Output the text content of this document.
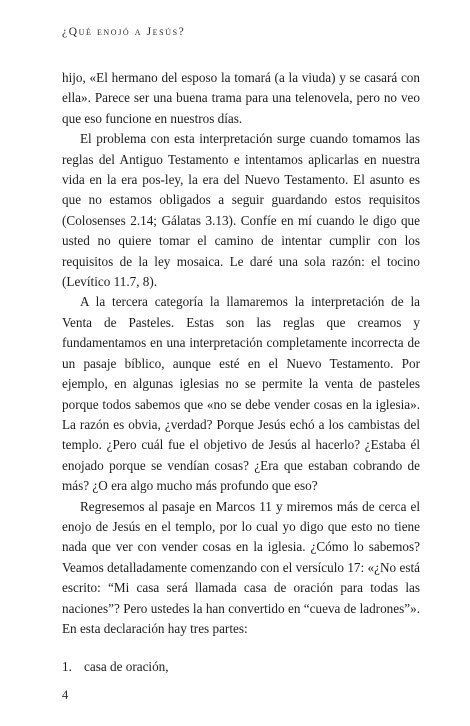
¿Qué enojó a Jesús?

hijo, «El hermano del esposo la tomará (a la viuda) y se casará con ella». Parece ser una buena trama para una telenovela, pero no veo que eso funcione en nuestros días.

El problema con esta interpretación surge cuando tomamos las reglas del Antiguo Testamento e intentamos aplicarlas en nuestra vida en la era pos-ley, la era del Nuevo Testamento. El asunto es que no estamos obligados a seguir guardando estos requisitos (Colosenses 2.14; Gálatas 3.13). Confíe en mí cuando le digo que usted no quiere tomar el camino de intentar cumplir con los requisitos de la ley mosaica. Le daré una sola razón: el tocino (Levítico 11.7, 8).

A la tercera categoría la llamaremos la interpretación de la Venta de Pasteles. Estas son las reglas que creamos y fundamentamos en una interpretación completamente incorrecta de un pasaje bíblico, aunque esté en el Nuevo Testamento. Por ejemplo, en algunas iglesias no se permite la venta de pasteles porque todos sabemos que «no se debe vender cosas en la iglesia». La razón es obvia, ¿verdad? Porque Jesús echó a los cambistas del templo. ¿Pero cuál fue el objetivo de Jesús al hacerlo? ¿Estaba él enojado porque se vendían cosas? ¿Era que estaban cobrando de más? ¿O era algo mucho más profundo que eso?

Regresemos al pasaje en Marcos 11 y miremos más de cerca el enojo de Jesús en el templo, por lo cual yo digo que esto no tiene nada que ver con vender cosas en la iglesia. ¿Cómo lo sabemos? Veamos detalladamente comenzando con el versículo 17: «¿No está escrito: “Mi casa será llamada casa de oración para todas las naciones”? Pero ustedes la han convertido en “cueva de ladrones”». En esta declaración hay tres partes:

1. casa de oración,
4
